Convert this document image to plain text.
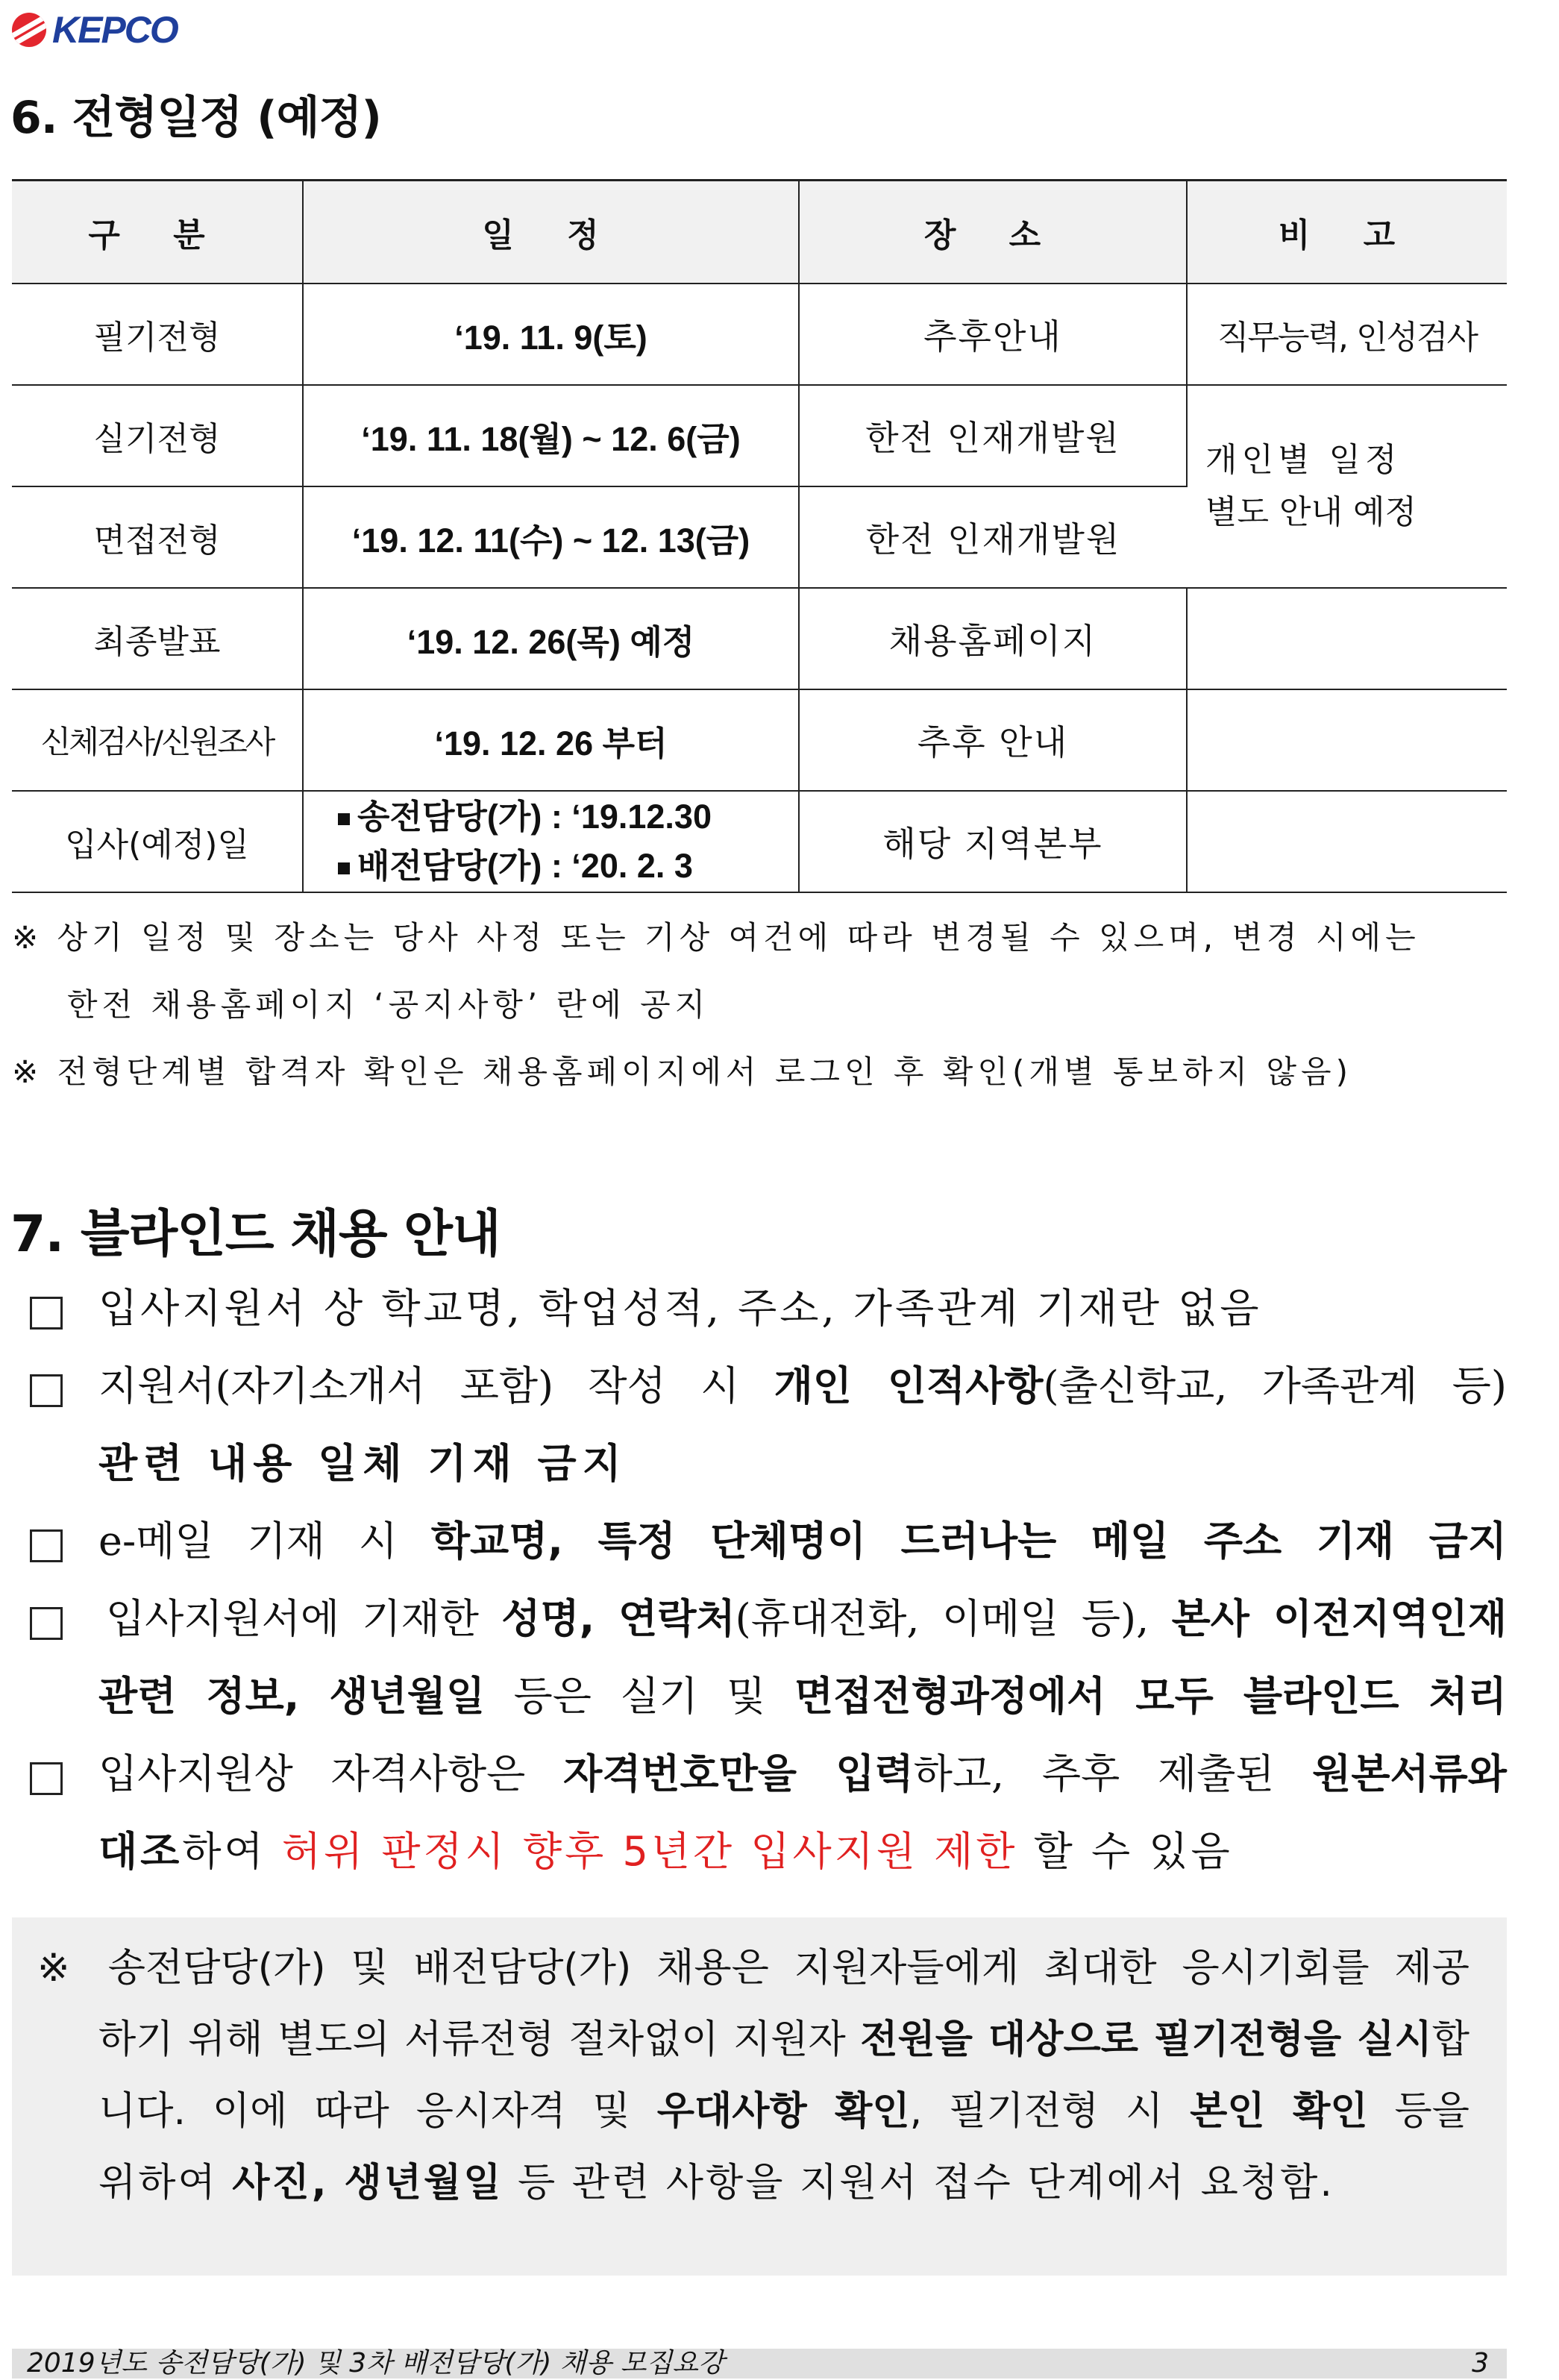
KEPCO
6. 전형일정 (예정)
구 분	일 정	장 소	비 고
필기전형	‘19. 11. 9(토)	추후안내	직무능력, 인성검사
실기전형	‘19. 11. 18(월) ~ 12. 6(금)	한전 인재개발원	개인별 일정
별도 안내 예정
면접전형	‘19. 12. 11(수) ~ 12. 13(금)	한전 인재개발원	
최종발표	‘19. 12. 26(목) 예정	채용홈페이지	
신체검사/신원조사	‘19. 12. 26 부터	추후 안내	
입사(예정)일	송전담당(가) : ‘19.12.30
배전담당(가) : ‘20. 2. 3	해당 지역본부	
※ 상기 일정 및 장소는 당사 사정 또는 기상 여건에 따라 변경될 수 있으며, 변경 시에는
한전 채용홈페이지 ‘공지사항’ 란에 공지
※ 전형단계별 합격자 확인은 채용홈페이지에서 로그인 후 확인(개별 통보하지 않음)
7. 블라인드 채용 안내
입사지원서 상 학교명, 학업성적, 주소, 가족관계 기재란 없음
지원서(자기소개서 포함) 작성 시 개인 인적사항(출신학교, 가족관계 등)
관련 내용 일체 기재 금지
e-메일 기재 시 학교명, 특정 단체명이 드러나는 메일 주소 기재 금지
입사지원서에 기재한 성명, 연락처(휴대전화, 이메일 등), 본사 이전지역인재
관련 정보, 생년월일 등은 실기 및 면접전형과정에서 모두 블라인드 처리
입사지원상 자격사항은 자격번호만을 입력하고, 추후 제출된 원본서류와
대조하여 허위 판정시 향후 5년간 입사지원 제한 할 수 있음
※ 송전담당(가) 및 배전담당(가) 채용은 지원자들에게 최대한 응시기회를 제공
하기 위해 별도의 서류전형 절차없이 지원자 전원을 대상으로 필기전형을 실시합
니다. 이에 따라 응시자격 및 우대사항 확인, 필기전형 시 본인 확인 등을
위하여 사진, 생년월일 등 관련 사항을 지원서 접수 단계에서 요청함.
2019년도 송전담당(가) 및 3차 배전담당(가) 채용 모집요강	3
